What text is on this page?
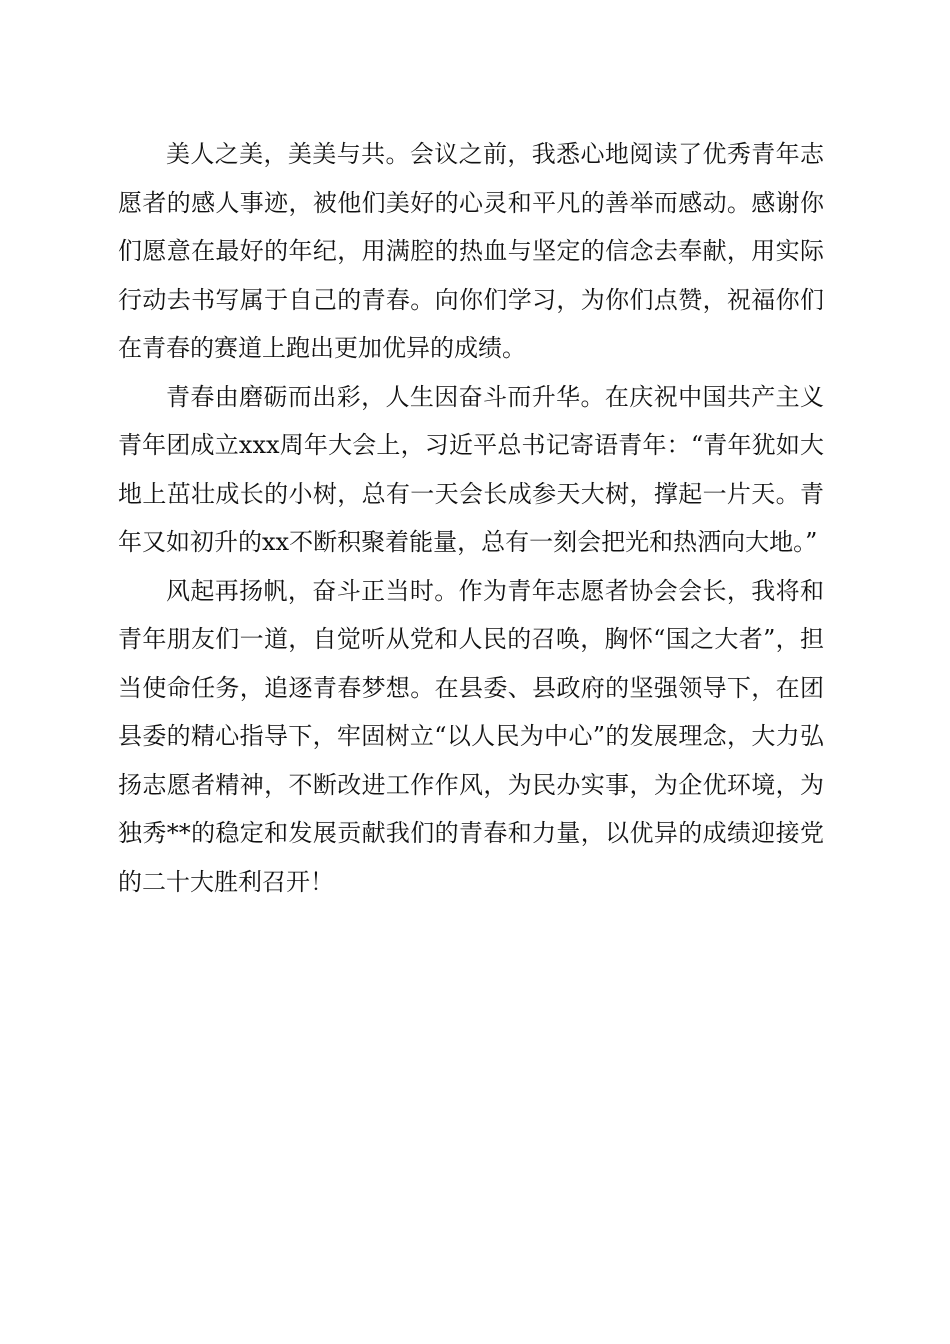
美人之美，美美与共。会议之前，我悉心地阅读了优秀青年志愿者的感人事迹，被他们美好的心灵和平凡的善举而感动。感谢你们愿意在最好的年纪，用满腔的热血与坚定的信念去奉献，用实际行动去书写属于自己的青春。向你们学习，为你们点赞，祝福你们在青春的赛道上跑出更加优异的成绩。

青春由磨砺而出彩，人生因奋斗而升华。在庆祝中国共产主义青年团成立xxx周年大会上，习近平总书记寄语青年：“青年犹如大地上茁壮成长的小树，总有一天会长成参天大树，撑起一片天。青年又如初升的xx不断积聚着能量，总有一刻会把光和热洒向大地。”

风起再扬帆，奋斗正当时。作为青年志愿者协会会长，我将和青年朋友们一道，自觉听从党和人民的召唤，胸怀“国之大者”，担当使命任务，追逐青春梦想。在县委、县政府的坚强领导下，在团县委的精心指导下，牢固树立“以人民为中心”的发展理念，大力弘扬志愿者精神，不断改进工作作风，为民办实事，为企优环境，为独秀**的稳定和发展贡献我们的青春和力量，以优异的成绩迎接党的二十大胜利召开！
